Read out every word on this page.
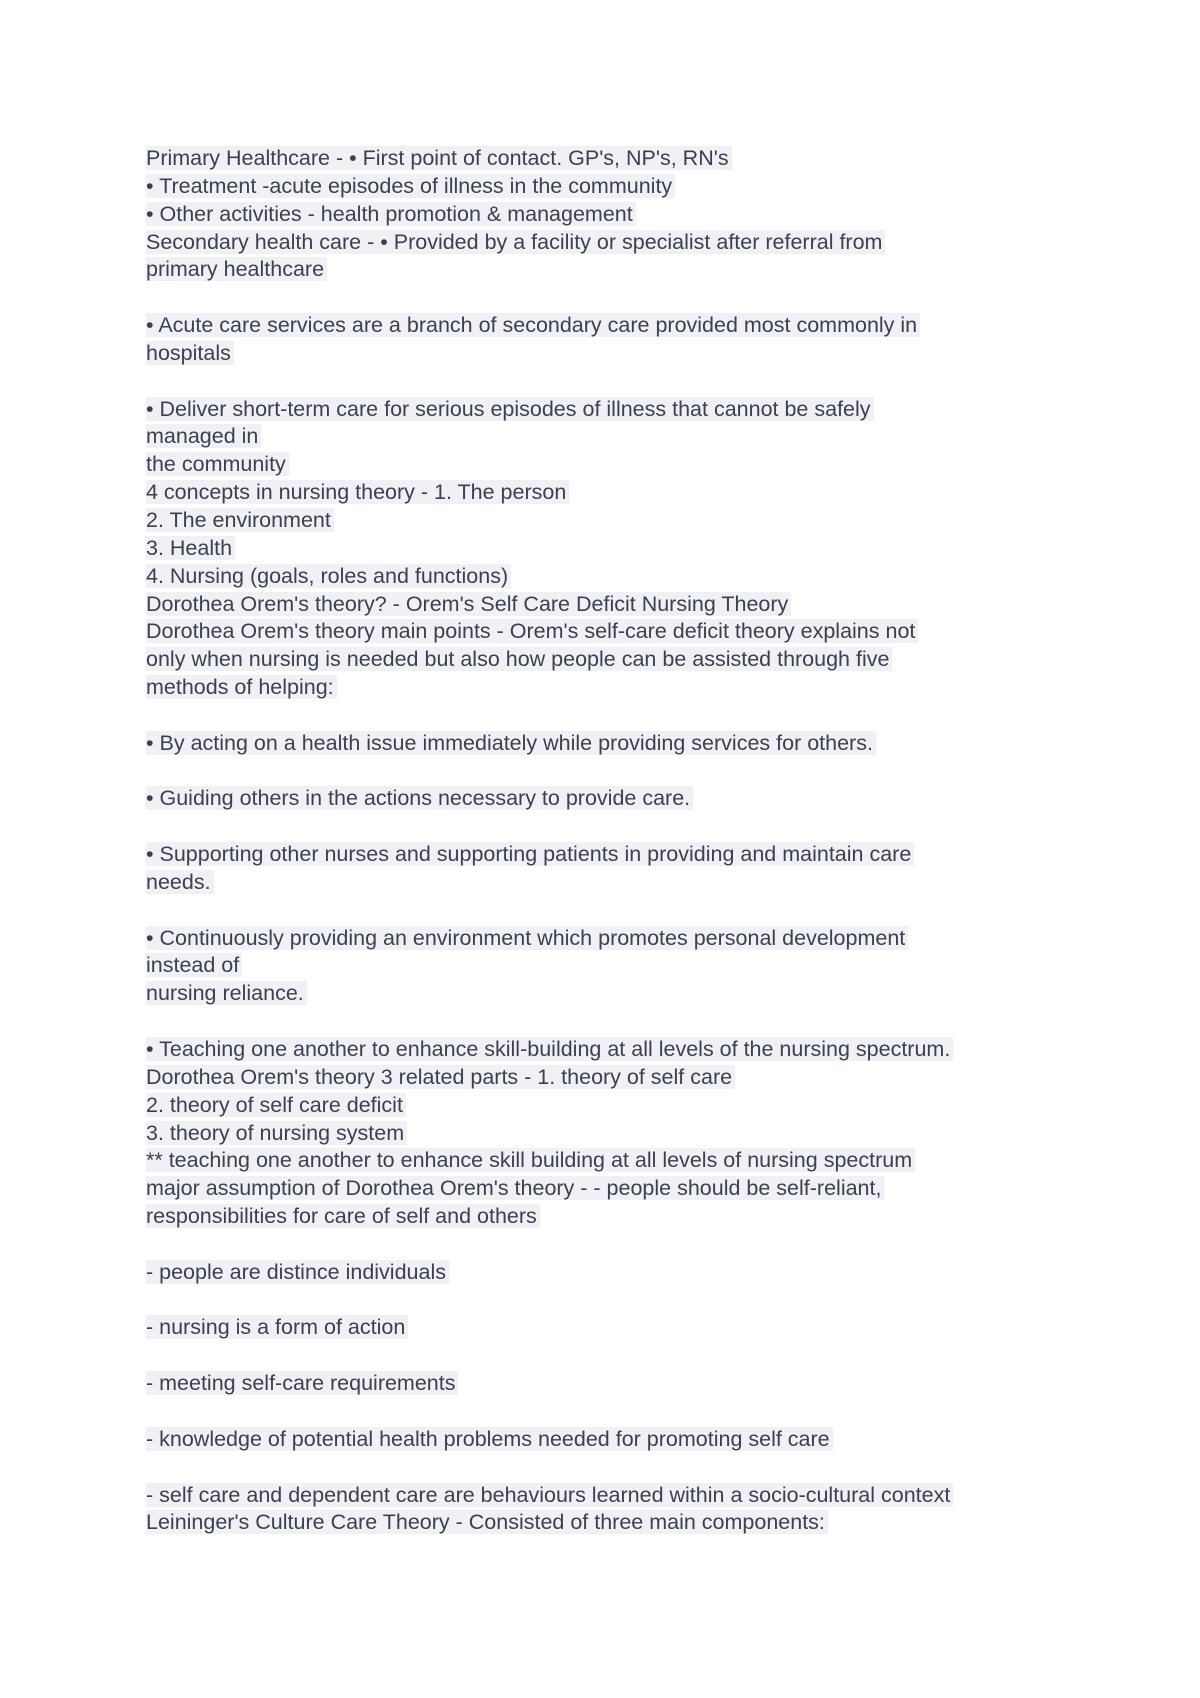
Primary Healthcare - • First point of contact. GP's, NP's, RN's
• Treatment -acute episodes of illness in the community
• Other activities - health promotion & management
Secondary health care - • Provided by a facility or specialist after referral from
primary healthcare
• Acute care services are a branch of secondary care provided most commonly in
hospitals
• Deliver short-term care for serious episodes of illness that cannot be safely
managed in
the community
4 concepts in nursing theory - 1. The person
2. The environment
3. Health
4. Nursing (goals, roles and functions)
Dorothea Orem's theory? - Orem's Self Care Deficit Nursing Theory
Dorothea Orem's theory main points - Orem's self-care deficit theory explains not
only when nursing is needed but also how people can be assisted through five
methods of helping:
• By acting on a health issue immediately while providing services for others.
• Guiding others in the actions necessary to provide care.
• Supporting other nurses and supporting patients in providing and maintain care
needs.
• Continuously providing an environment which promotes personal development
instead of
nursing reliance.
• Teaching one another to enhance skill-building at all levels of the nursing spectrum.
Dorothea Orem's theory 3 related parts - 1. theory of self care
2. theory of self care deficit
3. theory of nursing system
** teaching one another to enhance skill building at all levels of nursing spectrum
major assumption of Dorothea Orem's theory - - people should be self-reliant,
responsibilities for care of self and others
- people are distince individuals
- nursing is a form of action
- meeting self-care requirements
- knowledge of potential health problems needed for promoting self care
- self care and dependent care are behaviours learned within a socio-cultural context
Leininger's Culture Care Theory - Consisted of three main components:
